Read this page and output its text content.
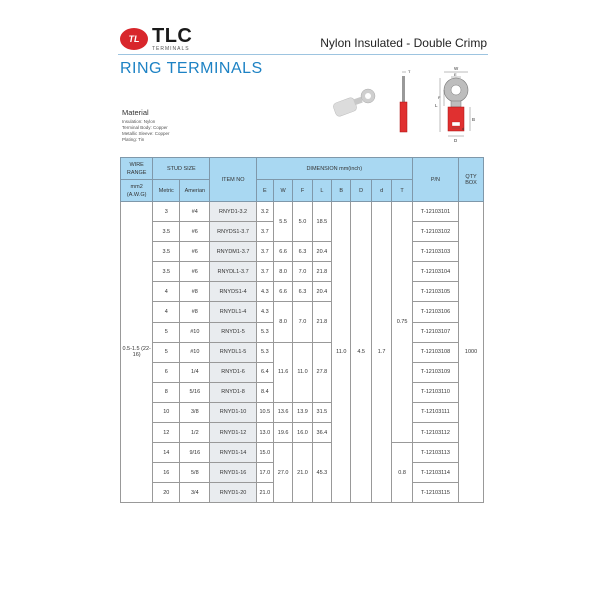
TL TLC
TERMINALS	Nylon Insulated - Double Crimp
RING TERMINALS
Material
Insulation: Nylon
Terminal Body: Copper
Metallic Sleeve: Copper
Plating: Tin
T
W
E
L
F
B
d
D
WIRE RANGE	STUD SIZE		ITEM NO	DIMENSION mm(inch)								P/N	QTY BOX
mm2 (A.W.G)	Metric	Amerian		E	W	F	L	B	D	d	T		
0.5-1.5 (22-16)	3	#4	RNYD1-3.2	3.2	5.5	5.0	18.5	11.0	4.5	1.7	0.75	T-12103101	1000
	3.5	#6	RNYDS1-3.7	3.7								T-12103102	
	3.5	#6	RNYDM1-3.7	3.7	6.6	6.3	20.4					T-12103103	
	3.5	#6	RNYDL1-3.7	3.7	8.0	7.0	21.8					T-12103104	
	4	#8	RNYDS1-4	4.3	6.6	6.3	20.4					T-12103105	
	4	#8	RNYDL1-4	4.3	8.0	7.0	21.8					T-12103106	
	5	#10	RNYD1-5	5.3								T-12103107	
	5	#10	RNYDL1-5	5.3	11.6	11.0	27.8					T-12103108	
	6	1/4	RNYD1-6	6.4								T-12103109	
	8	5/16	RNYD1-8	8.4								T-12103110	
	10	3/8	RNYD1-10	10.5	13.6	13.9	31.5					T-12103111	
	12	1/2	RNYD1-12	13.0	19.6	16.0	36.4					T-12103112	
	14	9/16	RNYD1-14	15.0	27.0	21.0	45.3				0.8	T-12103113	
	16	5/8	RNYD1-16	17.0								T-12103114	
	20	3/4	RNYD1-20	21.0								T-12103115	
